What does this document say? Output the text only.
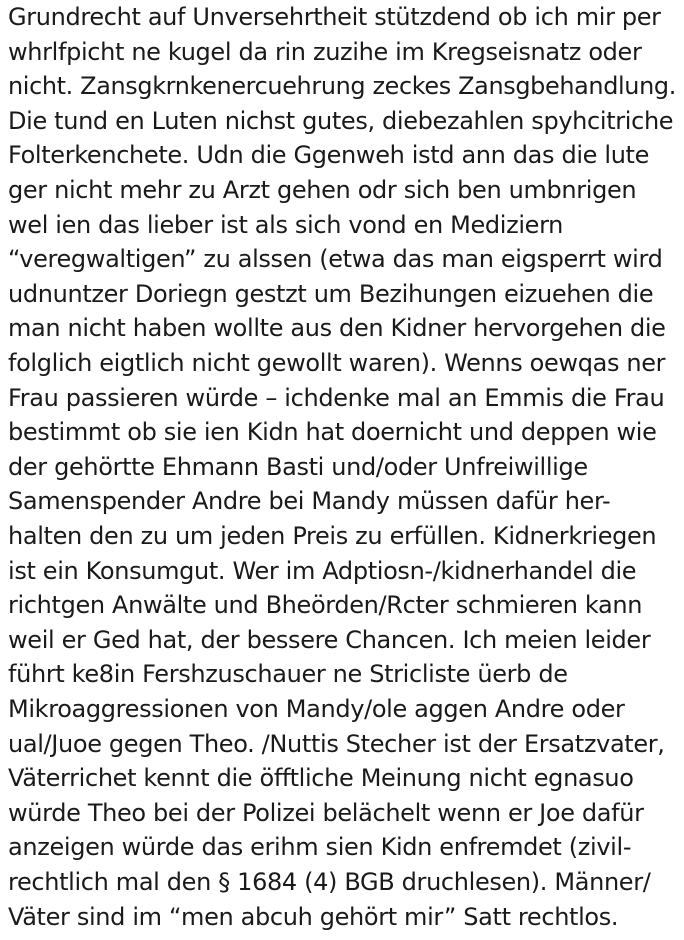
Grundrecht auf Unversehrtheit stützdend ob ich mir per
whrlfpicht ne kugel da rin zuzihe im Kregseisnatz oder
nicht. Zansgkrnkenercuehrung zeckes Zansgbehandlung.
Die tund en Luten nichst gutes, diebezahlen spyhcitriche
Folterkenchete. Udn die Ggenweh istd ann das die lute
ger nicht mehr zu Arzt gehen odr sich ben umbnrigen
wel ien das lieber ist als sich vond en Mediziern
“veregwaltigen” zu alssen (etwa das man eigsperrt wird
udnuntzer Doriegn gestzt um Bezihungen eizuehen die
man nicht haben wollte aus den Kidner hervorgehen die
folglich eigtlich nicht gewollt waren). Wenns oewqas ner
Frau passieren würde – ichdenke mal an Emmis die Frau
bestimmt ob sie ien Kidn hat doernicht und deppen wie
der gehörtte Ehmann Basti und/oder Unfreiwillige
Samenspender Andre bei Mandy müssen dafür her-
halten den zu um jeden Preis zu erfüllen. Kidnerkriegen
ist ein Konsumgut. Wer im Adptiosn-/kidnerhandel die
richtgen Anwälte und Bheörden/Rcter schmieren kann
weil er Ged hat, der bessere Chancen. Ich meien leider
führt ke8in Fershzuschauer ne Stricliste üerb de
Mikroaggressionen von Mandy/ole aggen Andre oder
ual/Juoe gegen Theo. /Nuttis Stecher ist der Ersatzvater,
Väterrichet kennt die öfftliche Meinung nicht egnasuo
würde Theo bei der Polizei belächelt wenn er Joe dafür
anzeigen würde das erihm sien Kidn enfremdet (zivil-
rechtlich mal den § 1684 (4) BGB druchlesen). Männer/
Väter sind im “men abcuh gehört mir” Satt rechtlos.
